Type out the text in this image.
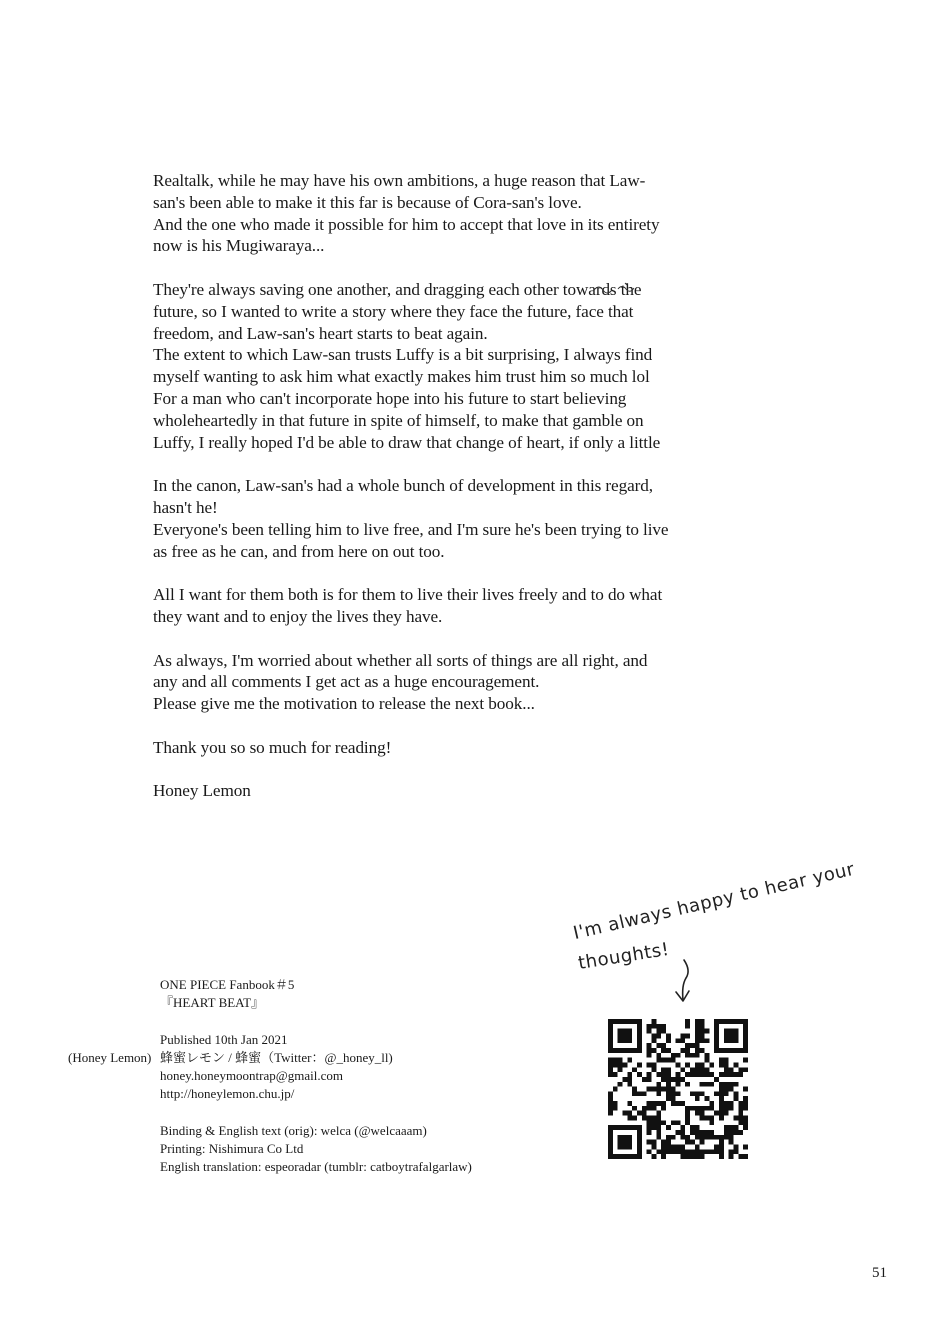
Realtalk, while he may have his own ambitions, a huge reason that Law-
san's been able to make it this far is because of Cora-san's love.
And the one who made it possible for him to accept that love in its entirety
now is his Mugiwaraya...

They're always saving one another, and dragging each other towards the
future, so I wanted to write a story where they face the future, face that
freedom, and Law-san's heart starts to beat again.
The extent to which Law-san trusts Luffy is a bit surprising, I always find
myself wanting to ask him what exactly makes him trust him so much lol
For a man who can't incorporate hope into his future to start believing
wholeheartedly in that future in spite of himself, to make that gamble on
Luffy, I really hoped I'd be able to draw that change of heart, if only a little

In the canon, Law-san's had a whole bunch of development in this regard,
hasn't he!
Everyone's been telling him to live free, and I'm sure he's been trying to live
as free as he can, and from here on out too.

All I want for them both is for them to live their lives freely and to do what
they want and to enjoy the lives they have.

As always, I'm worried about whether all sorts of things are all right, and
any and all comments I get act as a huge encouragement.
Please give me the motivation to release the next book...

Thank you so so much for reading!

Honey Lemon

ONE PIECE Fanbook＃5
『HEART BEAT』
Published 10th Jan 2021
(Honey Lemon) 蜂蜜レモン / 蜂蜜（Twitter：@_honey_ll)
honey.honeymoontrap@gmail.com
http://honeylemon.chu.jp/
Binding & English text (orig): welca (@welcaaam)
Printing: Nishimura Co Ltd
English translation: espeoradar (tumblr: catboytrafalgarlaw)
I'm always happy to hear your
thoughts!
51
